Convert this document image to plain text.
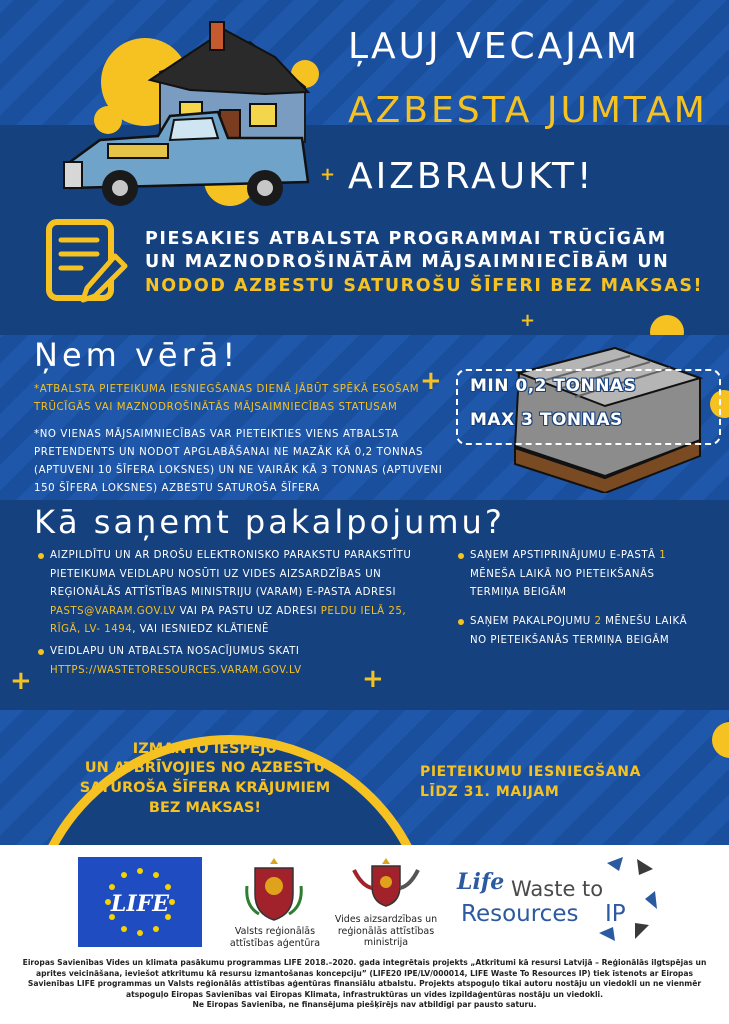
ĻAUJ VECAJAM
AZBESTA JUMTAM
AIZBRAUKT!
PIESAKIES ATBALSTA PROGRAMMAI TRŪCĪGĀM
UN MAZNODROŠINĀTĀM MĀJSAIMNIECĪBĀM UN
NODOD AZBESTU SATUROŠU ŠĪFERI BEZ MAKSAS!
+
+
Ņem vērā!
*ATBALSTA PIETEIKUMA IESNIEGŠANAS DIENĀ JĀBŪT SPĒKĀ ESOŠAM TRŪCĪGĀS VAI MAZNODROŠINĀTĀS MĀJSAIMNIECĪBAS STATUSAM
*NO VIENAS MĀJSAIMNIECĪBAS VAR PIETEIKTIES VIENS ATBALSTA PRETENDENTS UN NODOT APGLABĀŠANAI NE MAZĀK KĀ 0,2 TONNAS (APTUVENI 10 ŠĪFERA LOKSNES) UN NE VAIRĀK KĀ 3 TONNAS (APTUVENI 150 ŠĪFERA LOKSNES) AZBESTU SATUROŠA ŠĪFERA
+ MIN 0,2 TONNAS
MAX 3 TONNAS
Kā saņemt pakalpojumu?
AIZPILDĪTU UN AR DROŠU ELEKTRONISKO PARAKSTU PARAKSTĪTU PIETEIKUMA VEIDLAPU NOSŪTI UZ VIDES AIZSARDZĪBAS UN REĢIONĀLĀS ATTĪSTĪBAS MINISTRIJU (VARAM) E-PASTA ADRESI PASTS@VARAM.GOV.LV VAI PA PASTU UZ ADRESI PELDU IELĀ 25, RĪGĀ, LV- 1494, VAI IESNIEDZ KLĀTIENĒ
VEIDLAPU UN ATBALSTA NOSACĪJUMUS SKATI
HTTPS://WASTETORESOURCES.VARAM.GOV.LV
SAŅEM APSTIPRINĀJUMU E-PASTĀ 1 MĒNEŠA LAIKĀ NO PIETEIKŠANĀS TERMIŅA BEIGĀM
SAŅEM PAKALPOJUMU 2 MĒNEŠU LAIKĀ NO PIETEIKŠANĀS TERMIŅA BEIGĀM
+	+
IZMANTO IESPĒJU
UN ATBRĪVOJIES NO AZBESTU
SATUROŠA ŠĪFERA KRĀJUMIEM
BEZ MAKSAS!
PIETEIKUMU IESNIEGŠANA
LĪDZ 31. MAIJAM
LIFE
Valsts reģionālās
attīstības aģentūra
Vides aizsardzības un
reģionālās attīstības
ministrija
Life Waste to
Resources IP
Eiropas Savienības Vides un klimata pasākumu programmas LIFE 2018.–2020. gada integrētais projekts „Atkritumi kā resursi Latvijā – Reģionālās ilgtspējas un aprites veicināšana, ieviešot atkritumu kā resursu izmantošanas koncepciju” (LIFE20 IPE/LV/000014, LIFE Waste To Resources IP) tiek īstenots ar Eiropas Savienības LIFE programmas un Valsts reģionālās attīstības aģentūras finansiālu atbalstu. Projekts atspoguļo tikai autoru nostāju un viedokli un ne vienmēr atspoguļo Eiropas Savienības vai Eiropas Klimata, infrastruktūras un vides izpildaģentūras nostāju un viedokli.
Ne Eiropas Savienība, ne finansējuma piešķīrējs nav atbildīgi par pausto saturu.
